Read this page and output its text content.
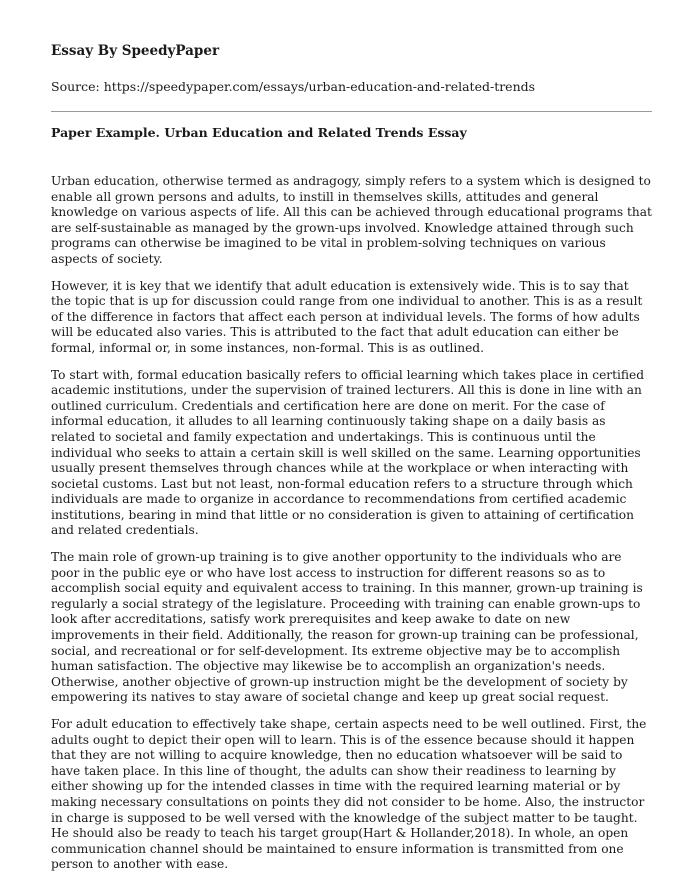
Essay By SpeedyPaper
Source: https://speedypaper.com/essays/urban-education-and-related-trends
Paper Example. Urban Education and Related Trends Essay

Urban education, otherwise termed as andragogy, simply refers to a system which is designed to enable all grown persons and adults, to instill in themselves skills, attitudes and general knowledge on various aspects of life. All this can be achieved through educational programs that are self-sustainable as managed by the grown-ups involved. Knowledge attained through such programs can otherwise be imagined to be vital in problem-solving techniques on various aspects of society.

However, it is key that we identify that adult education is extensively wide. This is to say that the topic that is up for discussion could range from one individual to another. This is as a result of the difference in factors that affect each person at individual levels. The forms of how adults will be educated also varies. This is attributed to the fact that adult education can either be formal, informal or, in some instances, non-formal. This is as outlined.

To start with, formal education basically refers to official learning which takes place in certified academic institutions, under the supervision of trained lecturers. All this is done in line with an outlined curriculum. Credentials and certification here are done on merit. For the case of informal education, it alludes to all learning continuously taking shape on a daily basis as related to societal and family expectation and undertakings. This is continuous until the individual who seeks to attain a certain skill is well skilled on the same. Learning opportunities usually present themselves through chances while at the workplace or when interacting with societal customs. Last but not least, non-formal education refers to a structure through which individuals are made to organize in accordance to recommendations from certified academic institutions, bearing in mind that little or no consideration is given to attaining of certification and related credentials.

The main role of grown-up training is to give another opportunity to the individuals who are poor in the public eye or who have lost access to instruction for different reasons so as to accomplish social equity and equivalent access to training. In this manner, grown-up training is regularly a social strategy of the legislature. Proceeding with training can enable grown-ups to look after accreditations, satisfy work prerequisites and keep awake to date on new improvements in their field. Additionally, the reason for grown-up training can be professional, social, and recreational or for self-development. Its extreme objective may be to accomplish human satisfaction. The objective may likewise be to accomplish an organization's needs. Otherwise, another objective of grown-up instruction might be the development of society by empowering its natives to stay aware of societal change and keep up great social request.

For adult education to effectively take shape, certain aspects need to be well outlined. First, the adults ought to depict their open will to learn. This is of the essence because should it happen that they are not willing to acquire knowledge, then no education whatsoever will be said to have taken place. In this line of thought, the adults can show their readiness to learning by either showing up for the intended classes in time with the required learning material or by making necessary consultations on points they did not consider to be home. Also, the instructor in charge is supposed to be well versed with the knowledge of the subject matter to be taught. He should also be ready to teach his target group(Hart & Hollander,2018). In whole, an open communication channel should be maintained to ensure information is transmitted from one person to another with ease.
